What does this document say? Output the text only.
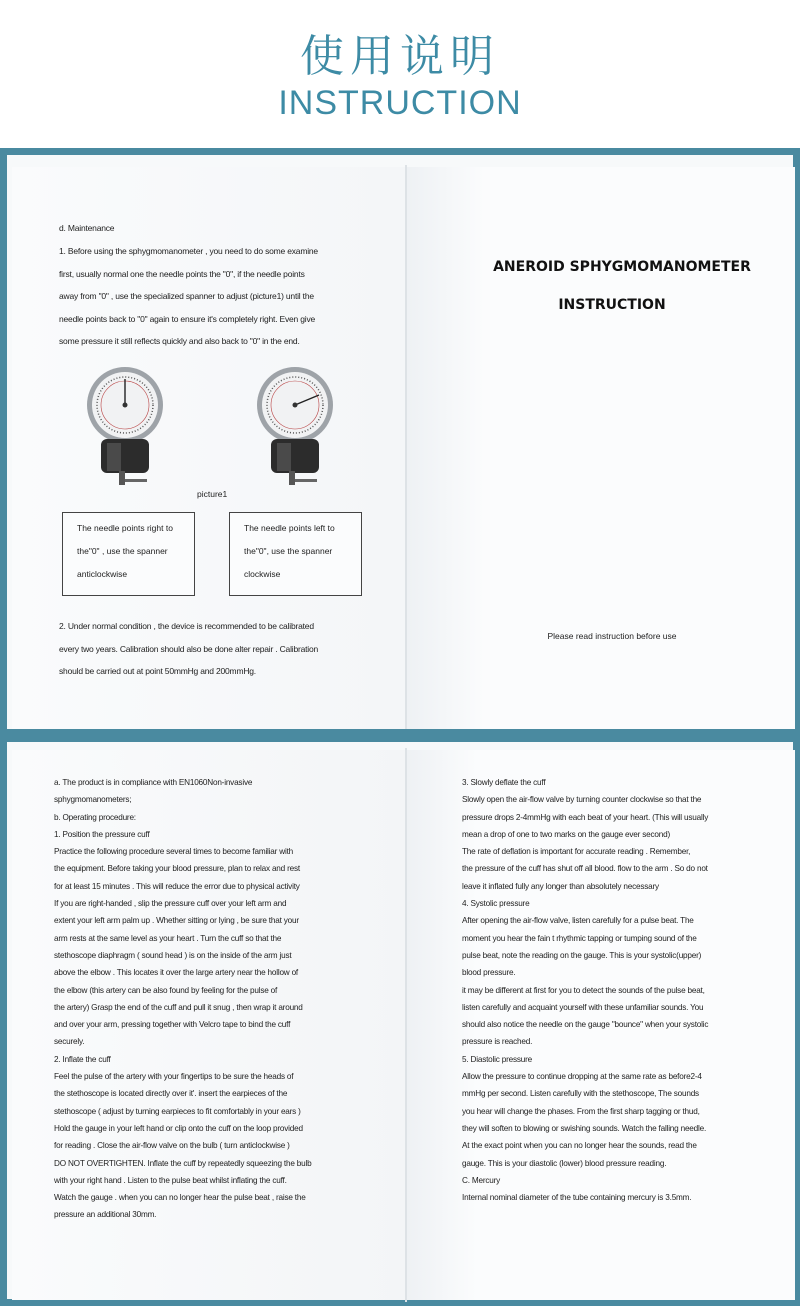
使用说明
INSTRUCTION

d. Maintenance

1. Before using the sphygmomanometer , you need to do some examine

first, usually normal one the needle points the "0", if the needle points

away from "0" , use the specialized spanner to adjust (picture1) until the

needle points back to "0" again to ensure it's completely right. Even give

some pressure it still reflects quickly and also back to "0" in the end.

picture1

The needle points right to

the"0" , use the spanner

anticlockwise

The needle points left to

the"0", use the spanner

clockwise

2. Under normal condition , the device is recommended to be calibrated

every two years. Calibration should also be done alter repair . Calibration

should be carried out at point 50mmHg and 200mmHg.

ANEROID SPHYGMOMANOMETER
INSTRUCTION
Please read instruction before use

a. The product is in compliance with EN1060Non-invasive

sphygmomanometers;

b. Operating procedure:

1. Position the pressure cuff

Practice the following procedure several times to become familiar with

the equipment. Before taking your blood pressure, plan to relax and rest

for at least 15 minutes . This will reduce the error due to physical activity

If you are right-handed , slip the pressure cuff over your left arm and

extent your left arm palm up . Whether sitting or lying , be sure that your

arm rests at the same level as your heart . Turn the cuff so that the

stethoscope diaphragm ( sound head ) is on the inside of the arm just

above the elbow . This locates it over the large artery near the hollow of

the elbow (this artery can be also found by feeling for the pulse of

the artery) Grasp the end of the cuff and pull it snug , then wrap it around

and over your arm, pressing together with Velcro tape to bind the cuff

securely.

2. Inflate the cuff

Feel the pulse of the artery with your fingertips to be sure the heads of

the stethoscope is located directly over it'. insert the earpieces of the

stethoscope ( adjust by turning earpieces to fit comfortably in your ears )

Hold the gauge in your left hand or clip onto the cuff on the loop provided

for reading . Close the air-flow valve on the bulb ( turn anticlockwise )

DO NOT OVERTIGHTEN. Inflate the cuff by repeatedly squeezing the bulb

with your right hand . Listen to the pulse beat whilst inflating the cuff.

Watch the gauge . when you can no longer hear the pulse beat , raise the

pressure an additional 30mm.

3. Slowly deflate the cuff

Slowly open the air-flow valve by turning counter clockwise so that the

pressure drops 2-4mmHg with each beat of your heart. (This will usually

mean a drop of one to two marks on the gauge ever second)

The rate of deflation is important for accurate reading . Remember,

the pressure of the cuff has shut off all blood. flow to the arm . So do not

leave it inflated fully any longer than absolutely necessary

4. Systolic pressure

After opening the air-flow valve, listen carefully for a pulse beat. The

moment you hear the fain t rhythmic tapping or tumping sound of the

pulse beat, note the reading on the gauge. This is your systolic(upper)

blood pressure.

it may be different at first for you to detect the sounds of the pulse beat,

listen carefully and acquaint yourself with these unfamiliar sounds. You

should also notice the needle on the gauge "bounce" when your systolic

pressure is reached.

5. Diastolic pressure

Allow the pressure to continue dropping at the same rate as before2-4

mmHg per second. Listen carefully with the stethoscope, The sounds

you hear will change the phases. From the first sharp tagging or thud,

they will soften to blowing or swishing sounds. Watch the falling needle.

At the exact point when you can no longer hear the sounds, read the

gauge. This is your diastolic (lower) blood pressure reading.

C. Mercury

Internal nominal diameter of the tube containing mercury is 3.5mm.
